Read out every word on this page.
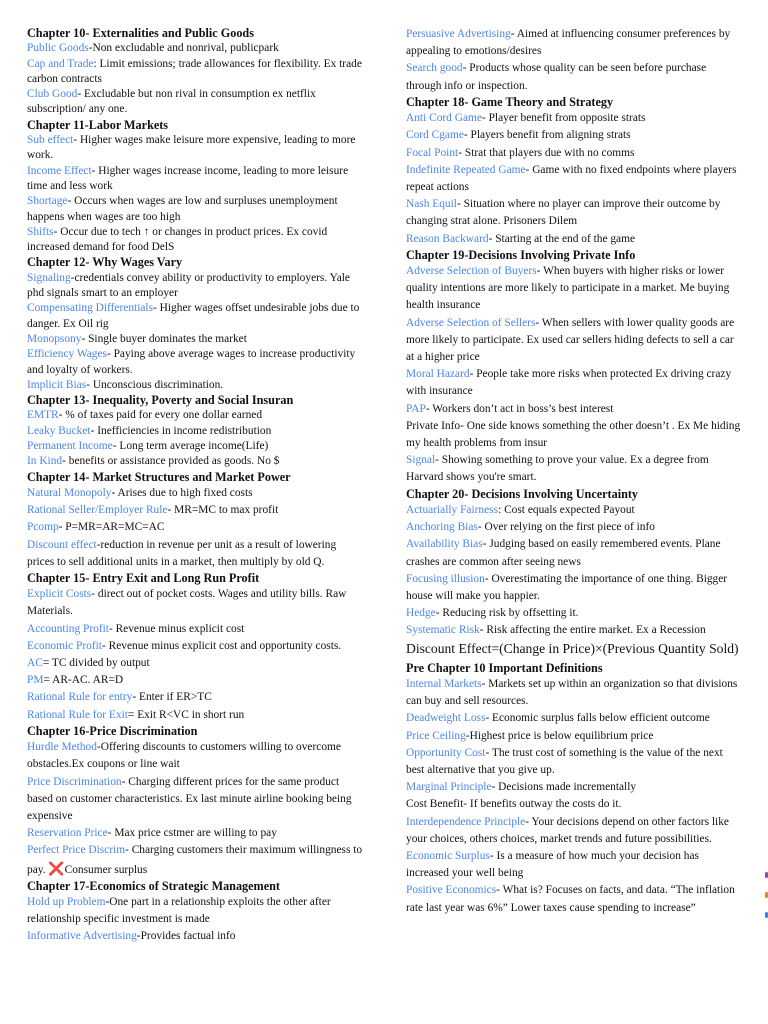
Chapter 10- Externalities and Public Goods

Public Goods-Non excludable and nonrival, publicpark

Cap and Trade: Limit emissions; trade allowances for flexibility. Ex trade carbon contracts

Club Good- Excludable but non rival in consumption ex netflix subscription/ any one.

Chapter 11-Labor Markets

Sub effect- Higher wages make leisure more expensive, leading to more work.

Income Effect- Higher wages increase income, leading to more leisure time and less work

Shortage- Occurs when wages are low and surpluses unemployment happens when wages are too high

Shifts- Occur due to tech ↑ or changes in product prices. Ex covid increased demand for food DelS

Chapter 12- Why Wages Vary

Signaling-credentials convey ability or productivity to employers. Yale phd signals smart to an employer

Compensating Differentials- Higher wages offset undesirable jobs due to danger. Ex Oil rig

Monopsony- Single buyer dominates the market

Efficiency Wages- Paying above average wages to increase productivity and loyalty of workers.

Implicit Bias- Unconscious discrimination.

Chapter 13- Inequality, Poverty and Social Insuran

EMTR- % of taxes paid for every one dollar earned

Leaky Bucket- Inefficiencies in income redistribution

Permanent Income- Long term average income(Life)

In Kind- benefits or assistance provided as goods. No $

Chapter 14- Market Structures and Market Power

Natural Monopoly- Arises due to high fixed costs

Rational Seller/Employer Rule- MR=MC to max profit

Pcomp- P=MR=AR=MC=AC

Discount effect-reduction in revenue per unit as a result of lowering prices to sell additional units in a market, then multiply by old Q.

Chapter 15- Entry Exit and Long Run Profit

Explicit Costs- direct out of pocket costs. Wages and utility bills. Raw Materials.

Accounting Profit- Revenue minus explicit cost

Economic Profit- Revenue minus explicit cost and opportunity costs.

AC= TC divided by output

PM= AR-AC. AR=D

Rational Rule for entry- Enter if ER>TC

Rational Rule for Exit= Exit R<VC in short run

Chapter 16-Price Discrimination

Hurdle Method-Offering discounts to customers willing to overcome obstacles.Ex coupons or line wait

Price Discrimination- Charging different prices for the same product based on customer characteristics. Ex last minute airline booking being expensive

Reservation Price- Max price cstmer are willing to pay

Perfect Price Discrim- Charging customers their maximum willingness to pay. ❌Consumer surplus

Chapter 17-Economics of Strategic Management

Hold up Problem-One part in a relationship exploits the other after relationship specific investment is made

Informative Advertising-Provides factual info

Persuasive Advertising- Aimed at influencing consumer preferences by appealing to emotions/desires

Search good- Products whose quality can be seen before purchase through info or inspection.

Chapter 18- Game Theory and Strategy

Anti Cord Game- Player benefit from opposite strats

Cord Cgame- Players benefit from aligning strats

Focal Point- Strat that players due with no comms

Indefinite Repeated Game- Game with no fixed endpoints where players repeat actions

Nash Equil- Situation where no player can improve their outcome by changing strat alone. Prisoners Dilem

Reason Backward- Starting at the end of the game

Chapter 19-Decisions Involving Private Info

Adverse Selection of Buyers- When buyers with higher risks or lower quality intentions are more likely to participate in a market. Me buying health insurance

Adverse Selection of Sellers- When sellers with lower quality goods are more likely to participate. Ex used car sellers hiding defects to sell a car at a higher price

Moral Hazard- People take more risks when protected Ex driving crazy with insurance

PAP- Workers don’t act in boss’s best interest

Private Info- One side knows something the other doesn’t . Ex Me hiding my health problems from insur

Signal- Showing something to prove your value. Ex a degree from Harvard shows you're smart.

Chapter 20- Decisions Involving Uncertainty

Actuarially Fairness: Cost equals expected Payout

Anchoring Bias- Over relying on the first piece of info

Availability Bias- Judging based on easily remembered events. Plane crashes are common after seeing news

Focusing illusion- Overestimating the importance of one thing. Bigger house will make you happier.

Hedge- Reducing risk by offsetting it.

Systematic Risk- Risk affecting the entire market. Ex a Recession

Discount Effect=(Change in Price)×(Previous Quantity Sold)

Pre Chapter 10 Important Definitions

Internal Markets- Markets set up within an organization so that divisions can buy and sell resources.

Deadweight Loss- Economic surplus falls below efficient outcome

Price Ceiling-Highest price is below equilibrium price

Opportunity Cost- The trust cost of something is the value of the next best alternative that you give up.

Marginal Principle- Decisions made incrementally

Cost Benefit- If benefits outway the costs do it.

Interdependence Principle- Your decisions depend on other factors like your choices, others choices, market trends and future possibilities.

Economic Surplus- Is a measure of how much your decision has increased your well being

Positive Economics- What is? Focuses on facts, and data. “The inflation rate last year was 6%” Lower taxes cause spending to increase”
